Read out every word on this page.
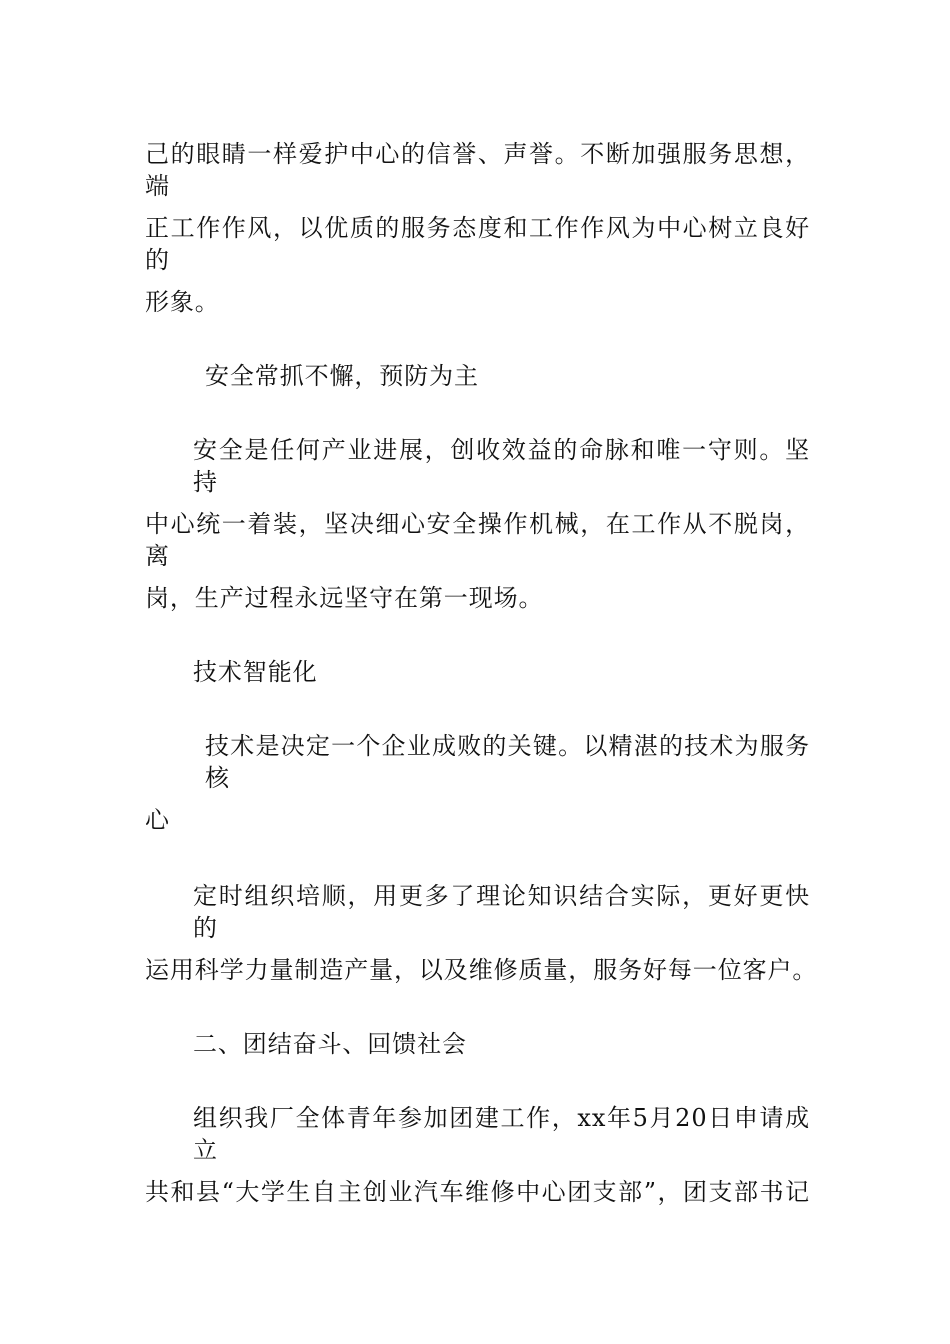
己的眼睛一样爱护中心的信誉、声誉。不断加强服务思想，端
正工作作风，以优质的服务态度和工作作风为中心树立良好的
形象。
安全常抓不懈，预防为主
安全是任何产业进展，创收效益的命脉和唯一守则。坚持
中心统一着装，坚决细心安全操作机械，在工作从不脱岗，离
岗，生产过程永远坚守在第一现场。
技术智能化
技术是决定一个企业成败的关键。以精湛的技术为服务核
心
定时组织培顺，用更多了理论知识结合实际，更好更快的
运用科学力量制造产量，以及维修质量，服务好每一位客户。
二、团结奋斗、回馈社会
组织我厂全体青年参加团建工作，xx年5月20日申请成立
共和县“大学生自主创业汽车维修中心团支部”，团支部书记
